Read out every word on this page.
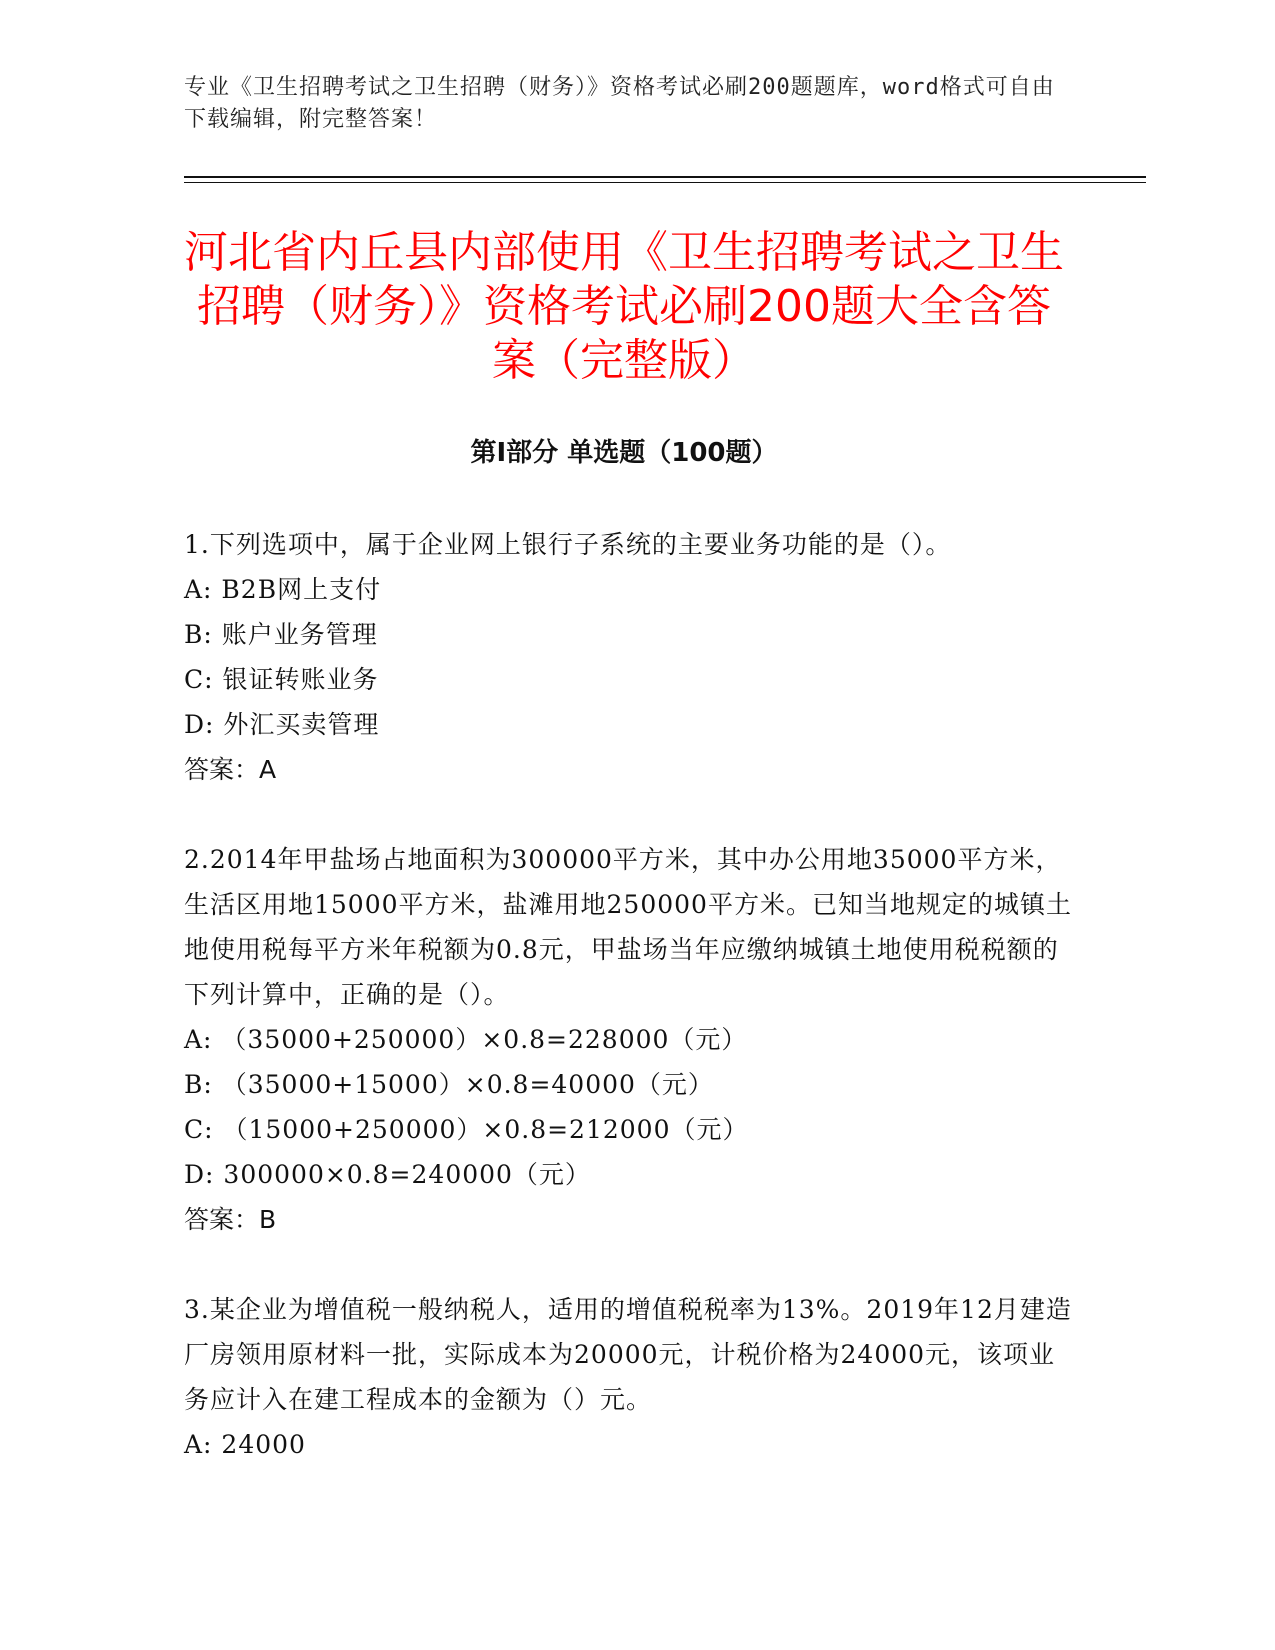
专业《卫生招聘考试之卫生招聘（财务）》资格考试必刷200题题库，word格式可自由下载编辑，附完整答案！
河北省内丘县内部使用《卫生招聘考试之卫生招聘（财务）》资格考试必刷200题大全含答案（完整版）
第Ⅰ部分 单选题（100题）
1.下列选项中，属于企业网上银行子系统的主要业务功能的是（）。
A: B2B网上支付
B: 账户业务管理
C: 银证转账业务
D: 外汇买卖管理
答案：A
2.2014年甲盐场占地面积为300000平方米，其中办公用地35000平方米，生活区用地15000平方米，盐滩用地250000平方米。已知当地规定的城镇土地使用税每平方米年税额为0.8元，甲盐场当年应缴纳城镇土地使用税税额的下列计算中，正确的是（）。
A: （35000+250000）×0.8=228000（元）
B: （35000+15000）×0.8=40000（元）
C: （15000+250000）×0.8=212000（元）
D: 300000×0.8=240000（元）
答案：B
3.某企业为增值税一般纳税人，适用的增值税税率为13%。2019年12月建造厂房领用原材料一批，实际成本为20000元，计税价格为24000元，该项业务应计入在建工程成本的金额为（）元。
A: 24000
